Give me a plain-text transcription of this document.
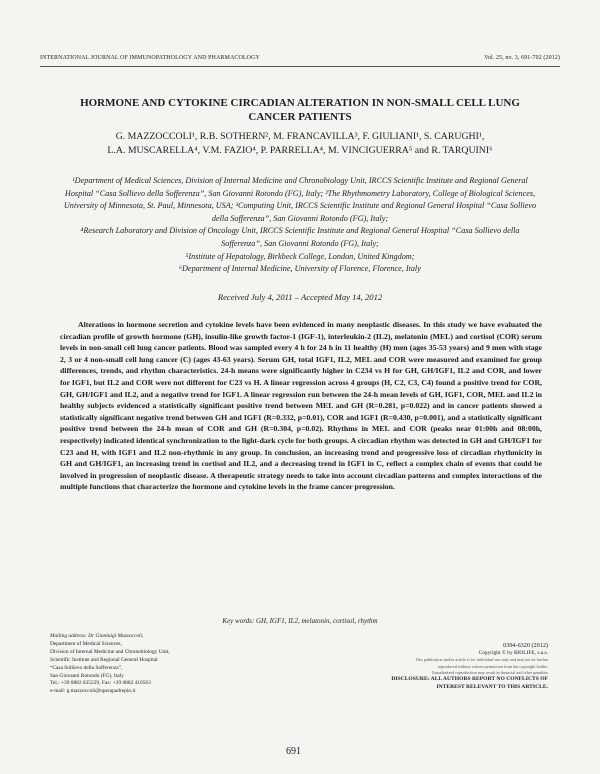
INTERNATIONAL JOURNAL OF IMMUNOPATHOLOGY AND PHARMACOLOGY	Vol. 25, no. 3, 691-702 (2012)
HORMONE AND CYTOKINE CIRCADIAN ALTERATION IN NON-SMALL CELL LUNG CANCER PATIENTS
G. MAZZOCCOLI¹, R.B. SOTHERN², M. FRANCAVILLA³, F. GIULIANI¹, S. CARUGHI¹,
L.A. MUSCARELLA⁴, V.M. FAZIO⁴, P. PARRELLA⁴, M. VINCIGUERRA⁵ and R. TARQUINI⁶
¹Department of Medical Sciences, Division of Internal Medicine and Chronobiology Unit, IRCCS Scientific Institute and Regional General Hospital “Casa Sollievo della Sofferenza”, San Giovanni Rotondo (FG), Italy; ²The Rhythmometry Laboratory, College of Biological Sciences, University of Minnesota, St. Paul, Minnesota, USA; ³Computing Unit, IRCCS Scientific Institute and Regional General Hospital “Casa Sollievo della Sofferenza”, San Giovanni Rotondo (FG), Italy;
⁴Research Laboratory and Division of Oncology Unit, IRCCS Scientific Institute and Regional General Hospital “Casa Sollievo della Sofferenza”, San Giovanni Rotondo (FG), Italy;
⁵Institute of Hepatology, Birkbeck College, London, United Kingdom;
⁶Department of Internal Medicine, University of Florence, Florence, Italy
Received July 4, 2011 – Accepted May 14, 2012

Alterations in hormone secretion and cytokine levels have been evidenced in many neoplastic diseases. In this study we have evaluated the circadian profile of growth hormone (GH), insulin-like growth factor-1 (IGF-1), interleukin-2 (IL2), melatonin (MEL) and cortisol (COR) serum levels in non-small cell lung cancer patients. Blood was sampled every 4 h for 24 h in 11 healthy (H) men (ages 35-53 years) and 9 men with stage 2, 3 or 4 non-small cell lung cancer (C) (ages 43-63 years). Serum GH, total IGF1, IL2, MEL and COR were measured and examined for group differences, trends, and rhythm characteristics. 24-h means were significantly higher in C234 vs H for GH, GH/IGF1, IL2 and COR, and lower for IGF1, but IL2 and COR were not different for C23 vs H. A linear regression across 4 groups (H, C2, C3, C4) found a positive trend for COR, GH, GH/IGF1 and IL2, and a negative trend for IGF1. A linear regression run between the 24-h mean levels of GH, IGF1, COR, MEL and IL2 in healthy subjects evidenced a statistically significant positive trend between MEL and GH (R=0.281, p=0.022) and in cancer patients showed a statistically significant negative trend between GH and IGF1 (R=0.332, p=0.01), COR and IGF1 (R=0.430, p=0.001), and a statistically significant positive trend between the 24-h mean of COR and GH (R=0.304, p=0.02). Rhythms in MEL and COR (peaks near 01:00h and 08:00h, respectively) indicated identical synchronization to the light-dark cycle for both groups. A circadian rhythm was detected in GH and GH/IGF1 for C23 and H, with IGF1 and IL2 non-rhythmic in any group. In conclusion, an increasing trend and progressive loss of circadian rhythmicity in GH and GH/IGF1, an increasing trend in cortisol and IL2, and a decreasing trend in IGF1 in C, reflect a complex chain of events that could be involved in progression of neoplastic disease. A therapeutic strategy needs to take into account circadian patterns and complex interactions of the multiple functions that characterize the hormone and cytokine levels in the frame cancer progression.

Key words: GH, IGF1, IL2, melatonin, cortisol, rhythm
Mailing address: Dr Gianluigi Mazzoccoli,
Department of Medical Sciences,
Division of Internal Medicine and Chronobiology Unit,
Scientific Institute and Regional General Hospital
“Casa Sollievo della Sofferenza”,
San Giovanni Rotondo (FG), Italy
Tel.: +39 0882 835229, Fax: +39 0882 410563
e-mail: g.mazzoccoli@operapadrepio.it
691
0394-6320 (2012)
Copyright © by BIOLIFE, s.a.s.
This publication and/or article is for individual use only and may not be further
reproduced without written permission from the copyright holder.
Unauthorized reproduction may result in financial and other penalties
DISCLOSURE: ALL AUTHORS REPORT NO CONFLICTS OF
INTEREST RELEVANT TO THIS ARTICLE.
